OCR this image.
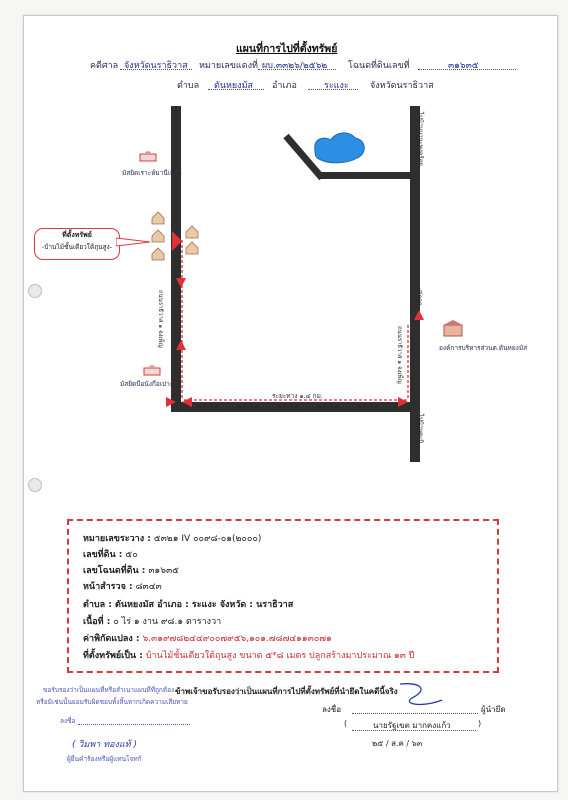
แผนที่การไปที่ตั้งทรัพย์
คดีศาล จังหวัดนราธิวาส หมายเลขแดงที่ ผบ.๓๓๒๖/๒๕๖๒ โฉนดที่ดินเลขที่	๓๑๖๓๕
ตำบล ตันหยงมัส อำเภอ	ระแงะ จังหวัดนราธิวาส
มัสยิดเราะห์มานีเยะห์
มัสยิดบือนังกือเปาะ
ที่ตั้งทรัพย์
-บ้านไม้ชั้นเดียวใต้ถุนสูง-
องค์การบริหารส่วนต.ตันหยงมัส
ถนนราธิวาส ๑ จงเพ็ญ
ไปบ้านนานะพงอร้อย
๔๐๐๐
ถนนราธิวาส ๑ จงเพ็ญ
ไปบ้านตะบิ
ระยะทาง ๑.๔ กม.
หมายเลขระวาง : ๕๓๒๑ IV ๐๐๙๘-๐๑(๒๐๐๐)
เลขที่ดิน : ๕๐
เลขโฉนดที่ดิน : ๓๑๖๓๕
หน้าสำรวจ : ๘๓๔๓
ตำบล : ตันหยงมัส อำเภอ : ระแงะ จังหวัด : นราธิวาส
เนื้อที่ : ๐ ไร่ ๑ งาน ๙๘.๑ ตารางวา
ค่าพิกัดแปลง : ๖.๓๑๙๗๘๒๔๔๙๐๐๗๙๕๖,๑๐๑.๗๘๗๔๑๑๓๐๗๑
ที่ตั้งทรัพย์เป็น : บ้านไม้ชั้นเดียวใต้ถุนสูง ขนาด ๕*๘ เมตร ปลูกสร้างมาประมาณ ๑๓ ปี
ขอรับรองว่าเป็นแผนที่หรือสำเนาแผนที่ที่ถูกต้อง
หรือมิเช่นนั้นยอมรับผิดชอบทั้งสิ้นหากเกิดความเสียหาย
ข้าพเจ้าขอรับรองว่าเป็นแผนที่การไปที่ตั้งทรัพย์ที่นำยึดในคดีนี้จริง
ลงชื่อ	ผู้นำยึด
(	นายรัฐเขต มากคงแก้ว	)
๒๕ / ส.ค / ๖๓
ลงชื่อ
( วิมพา ทองแท้ )
ผู้ยื่นคำร้องหรือผู้แทนโจทก์
